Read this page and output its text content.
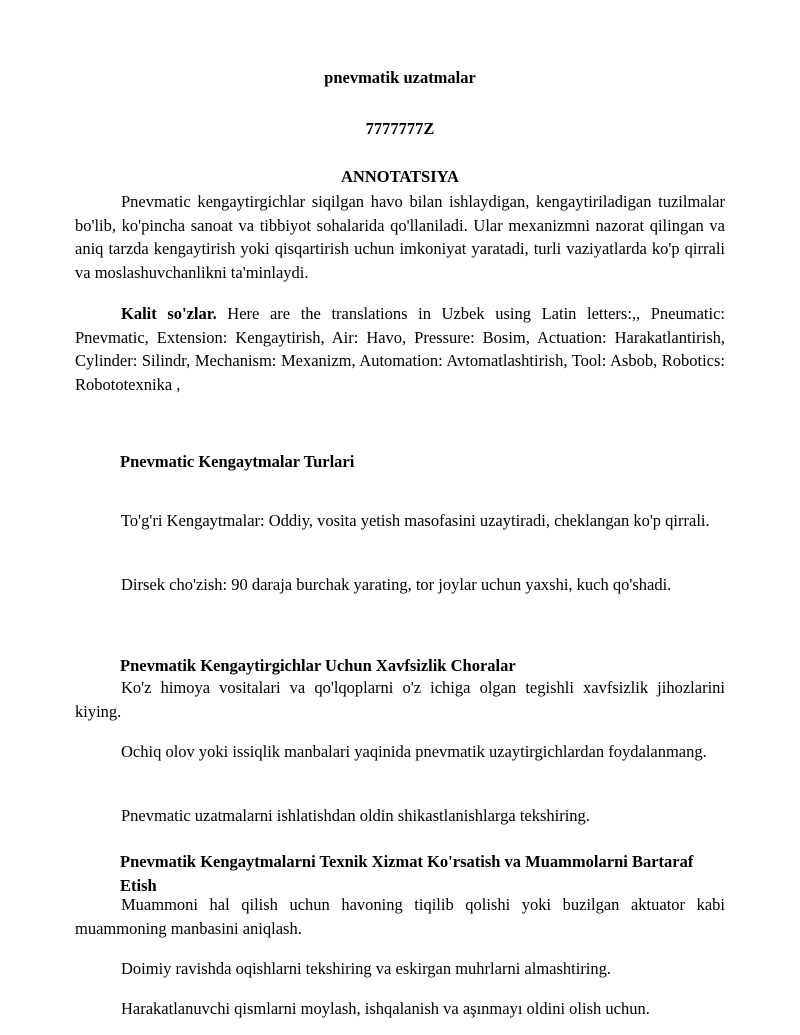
pnevmatik uzatmalar
7777777Z
ANNOTATSIYA

Pnevmatic kengaytirgichlar siqilgan havo bilan ishlaydigan, kengaytiriladigan tuzilmalar bo'lib, ko'pincha sanoat va tibbiyot sohalarida qo'llaniladi. Ular mexanizmni nazorat qilingan va aniq tarzda kengaytirish yoki qisqartirish uchun imkoniyat yaratadi, turli vaziyatlarda ko'p qirrali va moslashuvchanlikni ta'minlaydi.

Kalit so'zlar. Here are the translations in Uzbek using Latin letters:,, Pneumatic: Pnevmatic, Extension: Kengaytirish, Air: Havo, Pressure: Bosim, Actuation: Harakatlantirish, Cylinder: Silindr, Mechanism: Mexanizm, Automation: Avtomatlashtirish, Tool: Asbob, Robotics: Robototexnika ,

Pnevmatic Kengaytmalar Turlari

To'g'ri Kengaytmalar: Oddiy, vosita yetish masofasini uzaytiradi, cheklangan ko'p qirrali.

Dirsek cho'zish: 90 daraja burchak yarating, tor joylar uchun yaxshi, kuch qo'shadi.

Pnevmatik Kengaytirgichlar Uchun Xavfsizlik Choralar

Ko'z himoya vositalari va qo'lqoplarni o'z ichiga olgan tegishli xavfsizlik jihozlarini kiying.

Ochiq olov yoki issiqlik manbalari yaqinida pnevmatik uzaytirgichlardan foydalanmang.

Pnevmatic uzatmalarni ishlatishdan oldin shikastlanishlarga tekshiring.

Pnevmatik Kengaytmalarni Texnik Xizmat Ko'rsatish va Muammolarni Bartaraf Etish

Muammoni hal qilish uchun havoning tiqilib qolishi yoki buzilgan aktuator kabi muammoning manbasini aniqlash.

Doimiy ravishda oqishlarni tekshiring va eskirgan muhrlarni almashtiring.

Harakatlanuvchi qismlarni moylash, ishqalanish va aşınmayı oldini olish uchun.
